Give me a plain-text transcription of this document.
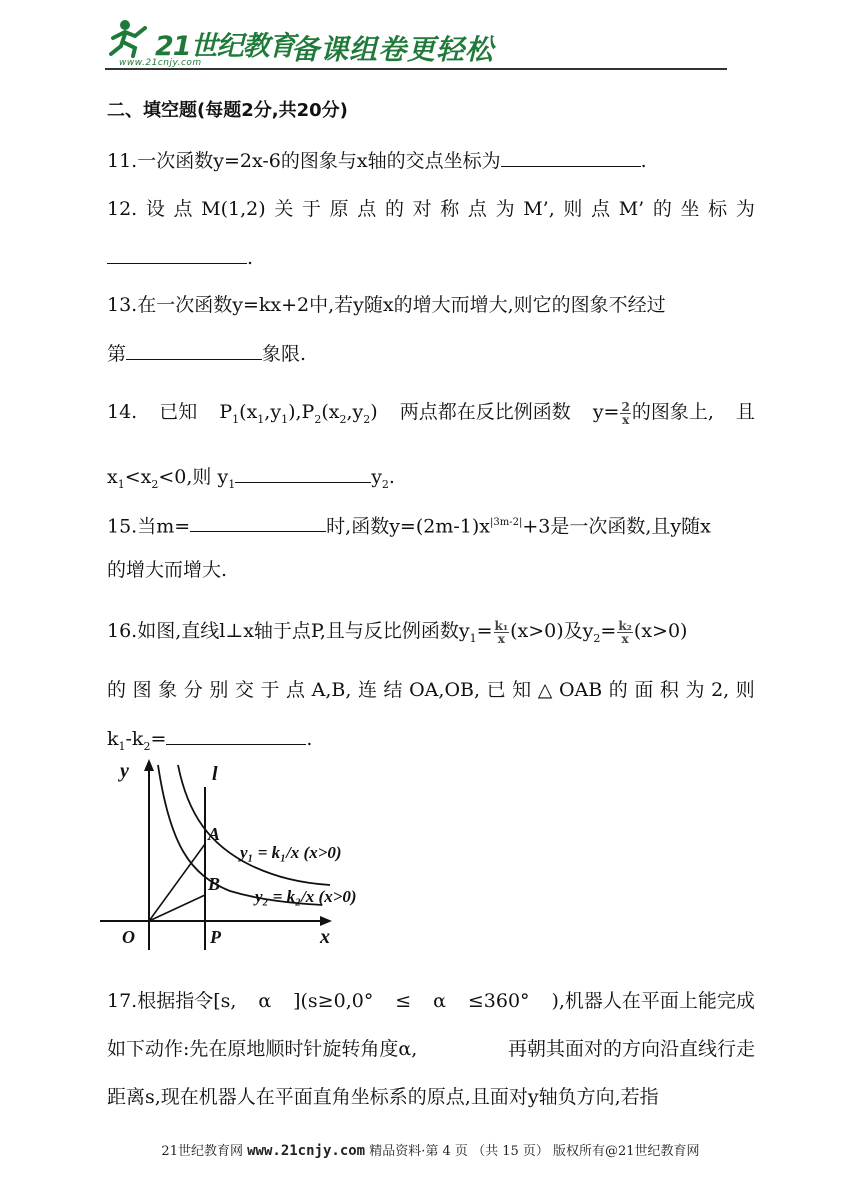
21世纪教育
www.21cnjy.com	备课组卷更轻松
二、填空题(每题2分,共20分)
11.一次函数y=2x-6的图象与x轴的交点坐标为	.
12. 设 点 M(1,2) 关 于 原 点 的 对 称 点 为 M’, 则 点 M’ 的 坐 标 为
.
13.在一次函数y=kx+2中,若y随x的增大而增大,则它的图象不经过
第	象限.
14. 已知 $P_1(x_1,y_1),P_2(x_2,y_2)$ 两点都在反比例函数 $y= \frac{2}{x}$ 的图象上, 且
$x_1<x_2<0$,则 $y_1$	$y_2$.
15.当m=	时,函数$y=(2m-1)x^{|3m-2|}+3$是一次函数,且y随x
的增大而增大.
16.如图,直线l⊥x轴于点P,且与反比例函数$y_1= \frac{\text{k₁}}{x} (x>0)$及$y_2= \frac{\text{k₂}}{x} (x>0)$
的 图 象 分 别 交 于 点 A,B, 连 结 OA,OB, 已 知 △ OAB 的 面 积 为 2, 则
$k_1-k_2=$	.
y	l
A
B
O	P	x
y₁ = k₁/x (x>0)
y₂ = k₂/x (x>0)
17.根据指令[s, α ](s≥0,0° ≤ α ≤360° ),机器人在平面上能完成
如下动作:先在原地顺时针旋转角度α,	再朝其面对的方向沿直线行走
距离s,现在机器人在平面直角坐标系的原点,且面对y轴负方向,若指
21世纪教育网 www.21cnjy.com 精品资料·第 4 页 （共 15 页） 版权所有@21世纪教育网
